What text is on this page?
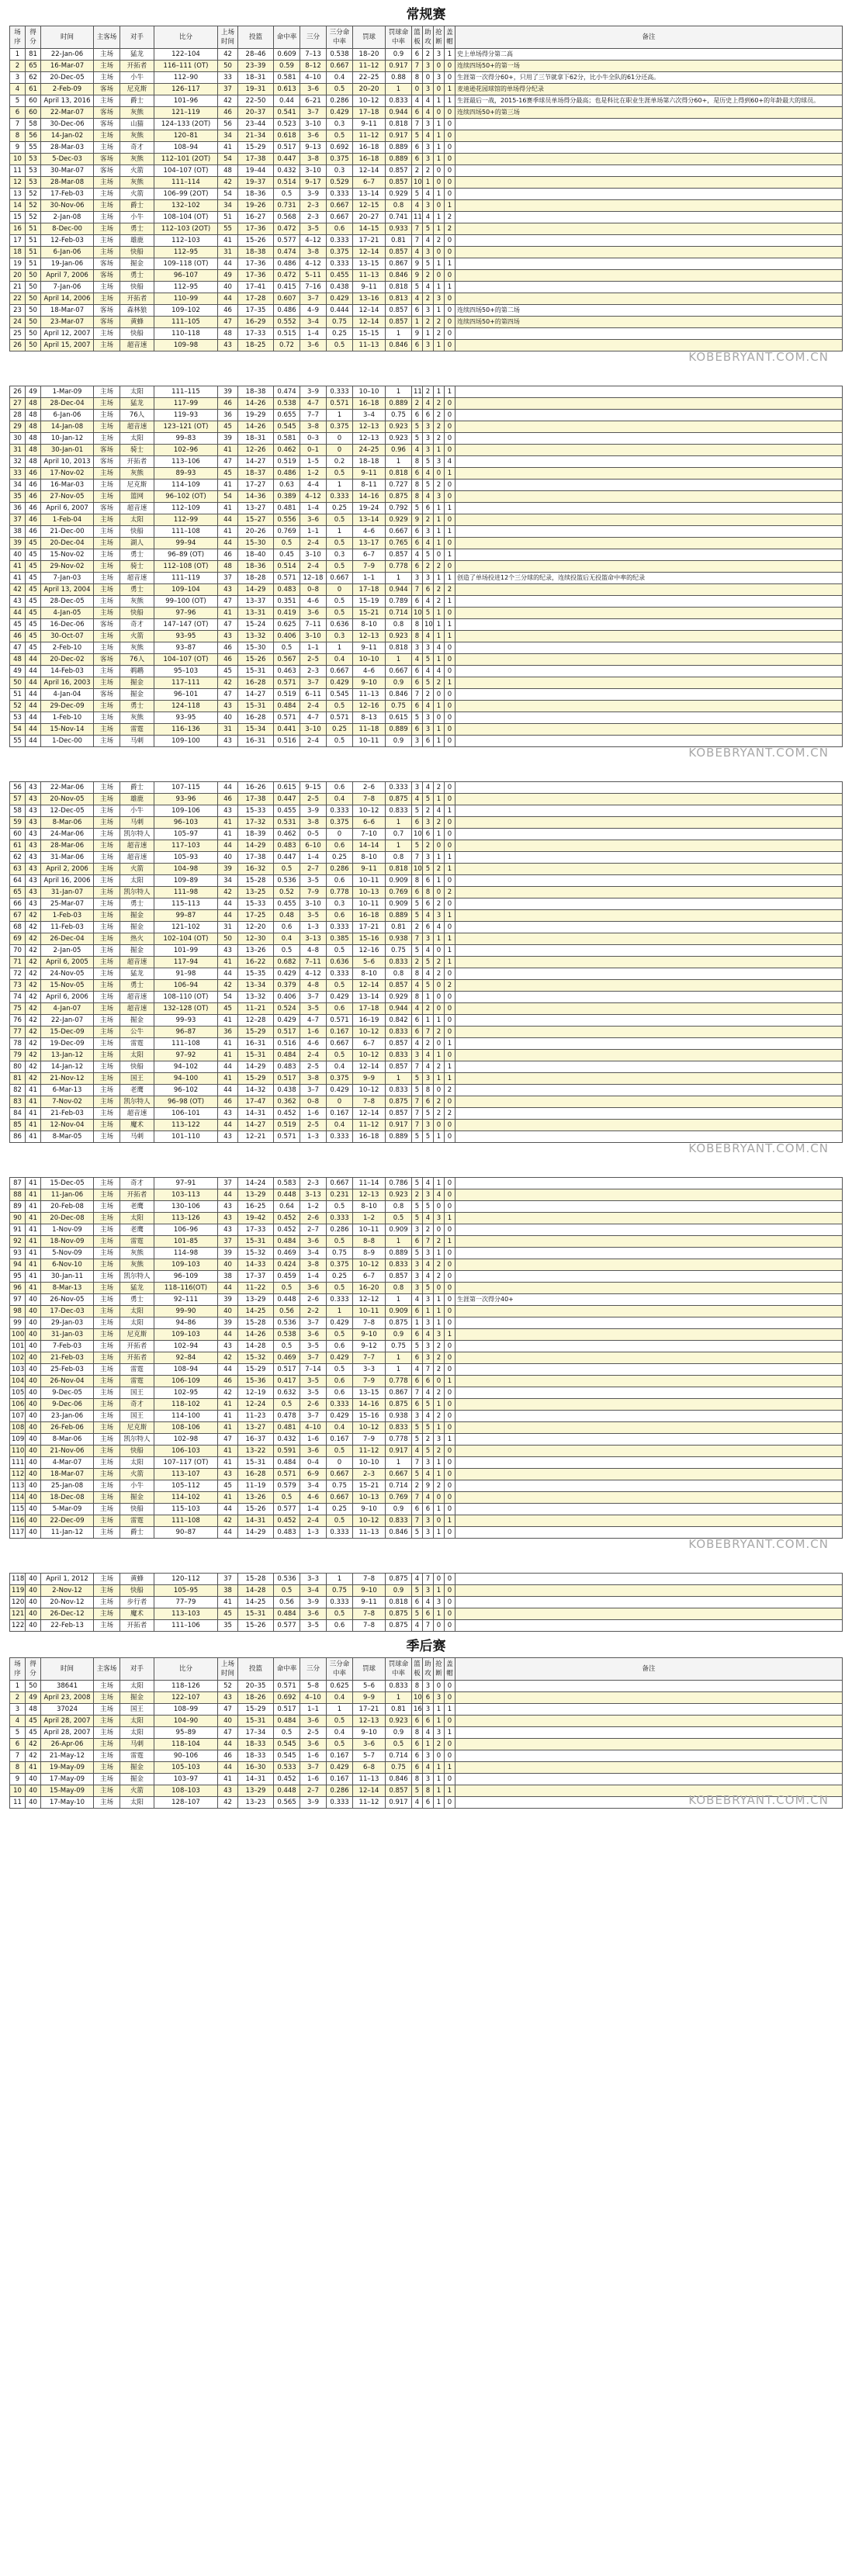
常规赛
场序	得分	时间	主客场	对手	比分	上场时间	投篮	命中率	三分	三分命中率	罚球	罚球命中率	篮板	助攻	抢断	盖帽	备注
1	81	22-Jan-06	主场	猛龙	122–104	42	28–46	0.609	7–13	0.538	18–20	0.9	6	2	3	1	史上单场得分第二高
2	65	16-Mar-07	主场	开拓者	116–111 (OT)	50	23–39	0.59	8–12	0.667	11–12	0.917	7	3	0	0	连续四场50+的第一场
3	62	20-Dec-05	主场	小牛	112–90	33	18–31	0.581	4–10	0.4	22–25	0.88	8	0	3	0	生涯第一次得分60+，只用了三节就拿下62分，比小牛全队的61分还高。
4	61	2-Feb-09	客场	尼克斯	126–117	37	19–31	0.613	3–6	0.5	20–20	1	0	3	0	1	麦迪逊花园球馆的单场得分纪录
5	60	April 13, 2016	主场	爵士	101–96	42	22–50	0.44	6–21	0.286	10–12	0.833	4	4	1	1	生涯最后一战，2015-16赛季球员单场得分最高；也是科比在职业生涯单场第六次得分60+，是历史上得到60+的年龄最大的球员。
6	60	22-Mar-07	客场	灰熊	121–119	46	20–37	0.541	3–7	0.429	17–18	0.944	6	4	0	0	连续四场50+的第三场
7	58	30-Dec-06	客场	山猫	124–133 (2OT)	56	23–44	0.523	3–10	0.3	9–11	0.818	7	3	1	0	
8	56	14-Jan-02	主场	灰熊	120–81	34	21–34	0.618	3–6	0.5	11–12	0.917	5	4	1	0	
9	55	28-Mar-03	主场	奇才	108–94	41	15–29	0.517	9–13	0.692	16–18	0.889	6	3	1	0	
10	53	5-Dec-03	客场	灰熊	112–101 (2OT)	54	17–38	0.447	3–8	0.375	16–18	0.889	6	3	1	0	
11	53	30-Mar-07	客场	火箭	104–107 (OT)	48	19–44	0.432	3–10	0.3	12–14	0.857	2	2	0	0	
12	53	28-Mar-08	主场	灰熊	111–114	42	19–37	0.514	9–17	0.529	6–7	0.857	10	1	0	0	
13	52	17-Feb-03	主场	火箭	106–99 (2OT)	54	18–36	0.5	3–9	0.333	13–14	0.929	5	4	1	0	
14	52	30-Nov-06	主场	爵士	132–102	34	19–26	0.731	2–3	0.667	12–15	0.8	4	3	0	1	
15	52	2-Jan-08	主场	小牛	108–104 (OT)	51	16–27	0.568	2–3	0.667	20–27	0.741	11	4	1	2	
16	51	8-Dec-00	主场	勇士	112–103 (2OT)	55	17–36	0.472	3–5	0.6	14–15	0.933	7	5	1	2	
17	51	12-Feb-03	主场	雄鹿	112–103	41	15–26	0.577	4–12	0.333	17–21	0.81	7	4	2	0	
18	51	6-Jan-06	主场	快船	112–95	31	18–38	0.474	3–8	0.375	12–14	0.857	4	3	0	0	
19	51	19-Jan-06	客场	掘金	109–118 (OT)	44	17–36	0.486	4–12	0.333	13–15	0.867	9	5	1	1	
20	50	April 7, 2006	客场	勇士	96–107	49	17–36	0.472	5–11	0.455	11–13	0.846	9	2	0	0	
21	50	7-Jan-06	主场	快船	112–95	40	17–41	0.415	7–16	0.438	9–11	0.818	5	4	1	1	
22	50	April 14, 2006	主场	开拓者	110–99	44	17–28	0.607	3–7	0.429	13–16	0.813	4	2	3	0	
23	50	18-Mar-07	客场	森林狼	109–102	46	17–35	0.486	4–9	0.444	12–14	0.857	6	3	1	0	连续四场50+的第二场
24	50	23-Mar-07	客场	黄蜂	111–105	47	16–29	0.552	3–4	0.75	12–14	0.857	1	2	2	0	连续四场50+的第四场
25	50	April 12, 2007	主场	快船	110–118	48	17–33	0.515	1–4	0.25	15–15	1	9	1	2	0	
26	50	April 15, 2007	主场	超音速	109–98	43	18–25	0.72	3–6	0.5	11–13	0.846	6	3	1	0	
KOBEBRYANT.COM.CN
26	49	1-Mar-09	主场	太阳	111–115	39	18–38	0.474	3–9	0.333	10–10	1	11	2	1	1	
27	48	28-Dec-04	主场	猛龙	117–99	46	14–26	0.538	4–7	0.571	16–18	0.889	2	4	2	0	
28	48	6-Jan-06	主场	76人	119–93	36	19–29	0.655	7–7	1	3–4	0.75	6	6	2	0	
29	48	14-Jan-08	主场	超音速	123–121 (OT)	45	14–26	0.545	3–8	0.375	12–13	0.923	5	3	2	0	
30	48	10-Jan-12	主场	太阳	99–83	39	18–31	0.581	0–3	0	12–13	0.923	5	3	2	0	
31	48	30-Jan-01	客场	骑士	102–96	41	12–26	0.462	0–1	0	24–25	0.96	4	3	1	0	
32	48	April 10, 2013	客场	开拓者	113–106	47	14–27	0.519	1–5	0.2	18–18	1	8	5	3	4	
33	46	17-Nov-02	主场	灰熊	89–93	45	18–37	0.486	1–2	0.5	9–11	0.818	6	4	0	1	
34	46	16-Mar-03	主场	尼克斯	114–109	41	17–27	0.63	4–4	1	8–11	0.727	8	5	2	0	
35	46	27-Nov-05	主场	篮网	96–102 (OT)	54	14–36	0.389	4–12	0.333	14–16	0.875	8	4	3	0	
36	46	April 6, 2007	客场	超音速	112–109	41	13–27	0.481	1–4	0.25	19–24	0.792	5	6	1	1	
37	46	1-Feb-04	主场	太阳	112–99	44	15–27	0.556	3–6	0.5	13–14	0.929	9	2	1	0	
38	46	21-Dec-00	主场	快船	111–108	41	20–26	0.769	1–1	1	4–6	0.667	6	3	1	1	
39	45	20-Dec-04	主场	湖人	99–94	44	15–30	0.5	2–4	0.5	13–17	0.765	6	4	1	0	
40	45	15-Nov-02	主场	勇士	96–89 (OT)	46	18–40	0.45	3–10	0.3	6–7	0.857	4	5	0	1	
41	45	29-Nov-02	主场	骑士	112–108 (OT)	48	18–36	0.514	2–4	0.5	7–9	0.778	6	2	2	0	
41	45	7-Jan-03	主场	超音速	111–119	37	18–28	0.571	12–18	0.667	1–1	1	3	3	1	1	创造了单场投进12个三分球的纪录，连续投篮后无投篮命中率的纪录
42	45	April 13, 2004	主场	勇士	109–104	43	14–29	0.483	0–8	0	17–18	0.944	7	6	2	2	
43	45	28-Dec-05	主场	灰熊	99–100 (OT)	47	13–37	0.351	4–6	0.5	15–19	0.789	6	4	2	1	
44	45	4-Jan-05	主场	快船	97–96	41	13–31	0.419	3–6	0.5	15–21	0.714	10	5	1	0	
45	45	16-Dec-06	客场	奇才	147–147 (OT)	47	15–24	0.625	7–11	0.636	8–10	0.8	8	10	1	1	
46	45	30-Oct-07	主场	火箭	93–95	43	13–32	0.406	3–10	0.3	12–13	0.923	8	4	1	1	
47	45	2-Feb-10	主场	灰熊	93–87	46	15–30	0.5	1–1	1	9–11	0.818	3	3	4	0	
48	44	20-Dec-02	客场	76人	104–107 (OT)	46	15–26	0.567	2–5	0.4	10–10	1	4	5	1	0	
49	44	14-Feb-03	主场	鹈鹕	95–103	45	15–31	0.463	2–3	0.667	4–6	0.667	6	4	4	0	
50	44	April 16, 2003	主场	掘金	117–111	42	16–28	0.571	3–7	0.429	9–10	0.9	6	5	2	1	
51	44	4-Jan-04	客场	掘金	96–101	47	14–27	0.519	6–11	0.545	11–13	0.846	7	2	0	0	
52	44	29-Dec-09	主场	勇士	124–118	43	15–31	0.484	2–4	0.5	12–16	0.75	6	4	1	0	
53	44	1-Feb-10	主场	灰熊	93–95	40	16–28	0.571	4–7	0.571	8–13	0.615	5	3	0	0	
54	44	15-Nov-14	主场	雷霆	116–136	31	15–34	0.441	3–10	0.25	11–18	0.889	6	3	1	0	
55	44	1-Dec-00	主场	马刺	109–100	43	16–31	0.516	2–4	0.5	10–11	0.9	3	6	1	0	
KOBEBRYANT.COM.CN
56	43	22-Mar-06	主场	爵士	107–115	44	16–26	0.615	9–15	0.6	2–6	0.333	3	4	2	0	
57	43	20-Nov-05	主场	雄鹿	93–96	46	17–38	0.447	2–5	0.4	7–8	0.875	4	5	1	0	
58	43	12-Dec-05	主场	小牛	109–106	43	15–33	0.455	3–9	0.333	10–12	0.833	5	2	4	1	
59	43	8-Mar-06	主场	马刺	96–103	41	17–32	0.531	3–8	0.375	6–6	1	6	3	2	0	
60	43	24-Mar-06	主场	凯尔特人	105–97	41	18–39	0.462	0–5	0	7–10	0.7	10	6	1	0	
61	43	28-Mar-06	主场	超音速	117–103	44	14–29	0.483	6–10	0.6	14–14	1	5	2	0	0	
62	43	31-Mar-06	主场	超音速	105–93	40	17–38	0.447	1–4	0.25	8–10	0.8	7	3	1	1	
63	43	April 2, 2006	主场	火箭	104–98	39	16–32	0.5	2–7	0.286	9–11	0.818	10	5	2	1	
64	43	April 16, 2006	主场	太阳	109–89	34	15–28	0.536	3–5	0.6	10–11	0.909	8	6	1	0	
65	43	31-Jan-07	主场	凯尔特人	111–98	42	13–25	0.52	7–9	0.778	10–13	0.769	6	8	0	2	
66	43	25-Mar-07	主场	勇士	115–113	44	15–33	0.455	3–10	0.3	10–11	0.909	5	6	2	0	
67	42	1-Feb-03	主场	掘金	99–87	44	17–25	0.48	3–5	0.6	16–18	0.889	5	4	3	1	
68	42	11-Feb-03	主场	掘金	121–102	31	12–20	0.6	1–3	0.333	17–21	0.81	2	6	4	0	
69	42	26-Dec-04	主场	热火	102–104 (OT)	50	12–30	0.4	3–13	0.385	15–16	0.938	7	3	1	1	
70	42	2-Jan-05	主场	掘金	101–99	43	13–26	0.5	4–8	0.5	12–16	0.75	5	4	0	1	
71	42	April 6, 2005	主场	超音速	117–94	41	16–22	0.682	7–11	0.636	5–6	0.833	2	5	2	1	
72	42	24-Nov-05	主场	猛龙	91–98	44	15–35	0.429	4–12	0.333	8–10	0.8	8	4	2	0	
73	42	15-Nov-05	主场	勇士	106–94	42	13–34	0.379	4–8	0.5	12–14	0.857	4	5	0	2	
74	42	April 6, 2006	主场	超音速	108–110 (OT)	54	13–32	0.406	3–7	0.429	13–14	0.929	8	1	0	0	
75	42	4-Jan-07	主场	超音速	132–128 (OT)	45	11–21	0.524	3–5	0.6	17–18	0.944	4	2	0	0	
76	42	22-Jan-07	主场	掘金	99–93	41	12–28	0.429	4–7	0.571	16–19	0.842	6	1	1	0	
77	42	15-Dec-09	主场	公牛	96–87	36	15–29	0.517	1–6	0.167	10–12	0.833	6	7	2	0	
78	42	19-Dec-09	主场	雷霆	111–108	41	16–31	0.516	4–6	0.667	6–7	0.857	4	2	0	1	
79	42	13-Jan-12	主场	太阳	97–92	41	15–31	0.484	2–4	0.5	10–12	0.833	3	4	1	0	
80	42	14-Jan-12	主场	快船	94–102	44	14–29	0.483	2–5	0.4	12–14	0.857	7	4	2	1	
81	42	21-Nov-12	主场	国王	94–100	41	15–29	0.517	3–8	0.375	9–9	1	5	3	1	1	
82	41	6-Mar-13	主场	老鹰	96–102	44	14–32	0.438	3–7	0.429	10–12	0.833	5	8	0	2	
83	41	7-Nov-02	主场	凯尔特人	96–98 (OT)	46	17–47	0.362	0–8	0	7–8	0.875	7	6	2	0	
84	41	21-Feb-03	主场	超音速	106–101	43	14–31	0.452	1–6	0.167	12–14	0.857	7	5	2	2	
85	41	12-Nov-04	主场	魔术	113–122	44	14–27	0.519	2–5	0.4	11–12	0.917	7	3	0	0	
86	41	8-Mar-05	主场	马刺	101–110	43	12–21	0.571	1–3	0.333	16–18	0.889	5	5	1	0	
KOBEBRYANT.COM.CN
87	41	15-Dec-05	主场	奇才	97–91	37	14–24	0.583	2–3	0.667	11–14	0.786	5	4	1	0	
88	41	11-Jan-06	主场	开拓者	103–113	44	13–29	0.448	3–13	0.231	12–13	0.923	2	3	4	0	
89	41	20-Feb-08	主场	老鹰	130–106	43	16–25	0.64	1–2	0.5	8–10	0.8	5	5	0	0	
90	41	20-Dec-08	主场	太阳	113–126	43	19–42	0.452	2–6	0.333	1–2	0.5	5	4	3	1	
91	41	1-Nov-09	主场	老鹰	106–96	43	17–33	0.452	2–7	0.286	10–11	0.909	3	2	0	0	
92	41	18-Nov-09	主场	雷霆	101–85	37	15–31	0.484	3–6	0.5	8–8	1	6	7	2	1	
93	41	5-Nov-09	主场	灰熊	114–98	39	15–32	0.469	3–4	0.75	8–9	0.889	5	3	1	0	
94	41	6-Nov-10	主场	灰熊	109–103	40	14–33	0.424	3–8	0.375	10–12	0.833	3	4	2	0	
95	41	30-Jan-11	主场	凯尔特人	96–109	38	17–37	0.459	1–4	0.25	6–7	0.857	3	4	2	0	
96	41	8-Mar-13	主场	猛龙	118–116(OT)	44	11–22	0.5	3–6	0.5	16–20	0.8	3	5	0	0	
97	40	26-Nov-05	主场	勇士	92–111	39	13–29	0.448	2–6	0.333	12–12	1	4	3	1	0	生涯第一次得分40+
98	40	17-Dec-03	主场	太阳	99–90	40	14–25	0.56	2–2	1	10–11	0.909	6	1	1	0	
99	40	29-Jan-03	主场	太阳	94–86	39	15–28	0.536	3–7	0.429	7–8	0.875	1	3	1	0	
100	40	31-Jan-03	主场	尼克斯	109–103	44	14–26	0.538	3–6	0.5	9–10	0.9	6	4	3	1	
101	40	7-Feb-03	主场	开拓者	102–94	43	14–28	0.5	3–5	0.6	9–12	0.75	5	3	2	0	
102	40	21-Feb-03	主场	开拓者	92–84	42	15–32	0.469	3–7	0.429	7–7	1	6	3	2	0	
103	40	25-Feb-03	主场	雷霆	108–94	44	15–29	0.517	7–14	0.5	3–3	1	4	7	2	0	
104	40	26-Nov-04	主场	雷霆	106–109	46	15–36	0.417	3–5	0.6	7–9	0.778	6	6	0	1	
105	40	9-Dec-05	主场	国王	102–95	42	12–19	0.632	3–5	0.6	13–15	0.867	7	4	2	0	
106	40	9-Dec-06	主场	奇才	118–102	41	12–24	0.5	2–6	0.333	14–16	0.875	6	5	1	0	
107	40	23-Jan-06	主场	国王	114–100	41	11–23	0.478	3–7	0.429	15–16	0.938	3	4	2	0	
108	40	26-Feb-06	主场	尼克斯	108–106	41	13–27	0.481	4–10	0.4	10–12	0.833	5	5	1	0	
109	40	8-Mar-06	主场	凯尔特人	102–98	47	16–37	0.432	1–6	0.167	7–9	0.778	5	2	3	1	
110	40	21-Nov-06	主场	快船	106–103	41	13–22	0.591	3–6	0.5	11–12	0.917	4	5	2	0	
111	40	4-Mar-07	主场	太阳	107–117 (OT)	41	15–31	0.484	0–4	0	10–10	1	7	3	1	0	
112	40	18-Mar-07	主场	火箭	113–107	43	16–28	0.571	6–9	0.667	2–3	0.667	5	4	1	0	
113	40	25-Jan-08	主场	小牛	105–112	45	11–19	0.579	3–4	0.75	15–21	0.714	2	9	2	0	
114	40	18-Dec-08	主场	掘金	114–102	41	13–26	0.5	4–6	0.667	10–13	0.769	7	4	0	0	
115	40	5-Mar-09	主场	快船	115–103	44	15–26	0.577	1–4	0.25	9–10	0.9	6	6	1	0	
116	40	22-Dec-09	主场	雷霆	111–108	42	14–31	0.452	2–4	0.5	10–12	0.833	7	3	0	1	
117	40	11-Jan-12	主场	爵士	90–87	44	14–29	0.483	1–3	0.333	11–13	0.846	5	3	1	0	
KOBEBRYANT.COM.CN
118	40	April 1, 2012	主场	黄蜂	120–112	37	15–28	0.536	3–3	1	7–8	0.875	4	7	0	0	
119	40	2-Nov-12	主场	快船	105–95	38	14–28	0.5	3–4	0.75	9–10	0.9	5	3	1	0	
120	40	20-Nov-12	主场	步行者	77–79	41	14–25	0.56	3–9	0.333	9–11	0.818	6	4	3	0	
121	40	26-Dec-12	主场	魔术	113–103	45	15–31	0.484	3–6	0.5	7–8	0.875	5	6	1	0	
122	40	22-Feb-13	主场	开拓者	111–106	35	15–26	0.577	3–5	0.6	7–8	0.875	4	7	0	0	
季后赛
场序	得分	时间	主客场	对手	比分	上场时间	投篮	命中率	三分	三分命中率	罚球	罚球命中率	篮板	助攻	抢断	盖帽	备注
1	50	38641	主场	太阳	118–126	52	20–35	0.571	5–8	0.625	5–6	0.833	8	3	0	0	
2	49	April 23, 2008	主场	掘金	122–107	43	18–26	0.692	4–10	0.4	9–9	1	10	6	3	0	
3	48	37024	主场	国王	108–99	47	15–29	0.517	1–1	1	17–21	0.81	16	3	1	1	
4	45	April 28, 2007	主场	太阳	104–90	40	15–31	0.484	3–6	0.5	12–13	0.923	6	6	1	0	
5	45	April 28, 2007	主场	太阳	95–89	47	17–34	0.5	2–5	0.4	9–10	0.9	8	4	3	1	
6	42	26-Apr-06	主场	马刺	118–104	44	18–33	0.545	3–6	0.5	3–6	0.5	6	1	2	0	
7	42	21-May-12	主场	雷霆	90–106	46	18–33	0.545	1–6	0.167	5–7	0.714	6	3	0	0	
8	41	19-May-09	主场	掘金	105–103	44	16–30	0.533	3–7	0.429	6–8	0.75	6	4	1	1	
9	40	17-May-09	主场	掘金	103–97	41	14–31	0.452	1–6	0.167	11–13	0.846	8	3	1	0	
10	40	15-May-09	主场	火箭	108–103	43	13–29	0.448	2–7	0.286	12–14	0.857	5	8	1	1	
11	40	17-May-10	主场	太阳	128–107	42	13–23	0.565	3–9	0.333	11–12	0.917	4	6	1	0		KOBEBRYANT.COM.CN
